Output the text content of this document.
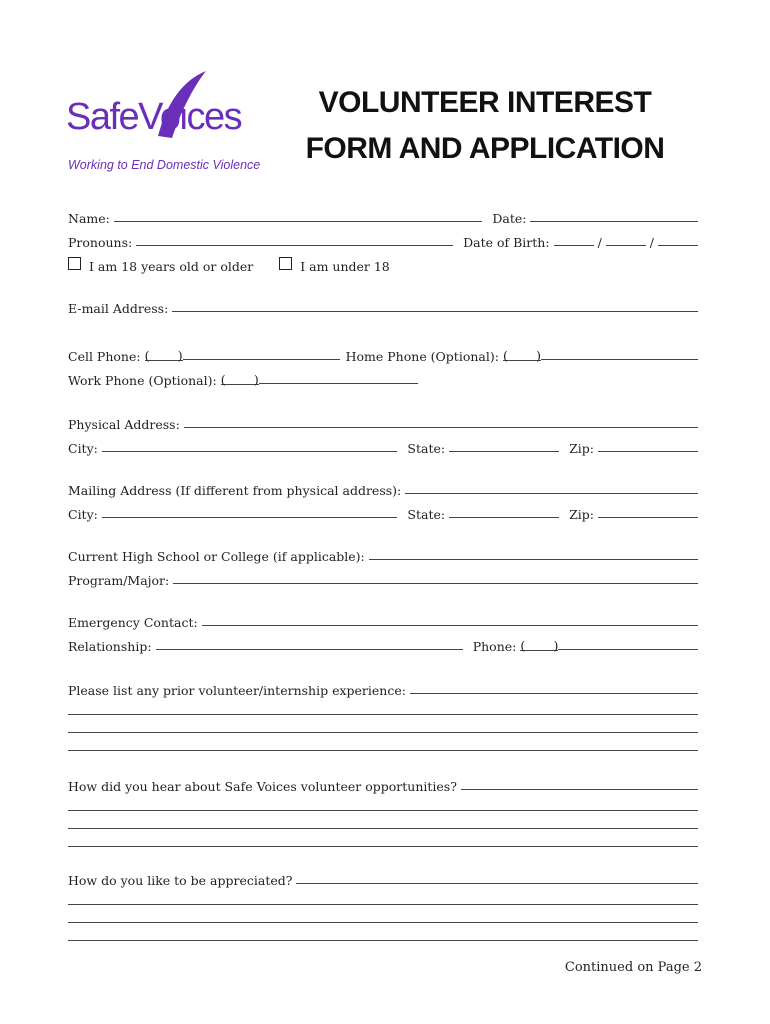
SafeVoices
Working to End Domestic Violence
VOLUNTEER INTEREST
FORM AND APPLICATION
Name:	Date:
Pronouns:	Date of Birth:	/	/
I am 18 years old or older	I am under 18
E-mail Address:
Cell Phone: ( )	Home Phone (Optional): ( )
Work Phone (Optional): ( )
Physical Address:
City:	State:	Zip:
Mailing Address (If different from physical address):
City:	State:	Zip:
Current High School or College (if applicable):
Program/Major:
Emergency Contact:
Relationship:	Phone: ( )
Please list any prior volunteer/internship experience:
How did you hear about Safe Voices volunteer opportunities?
How do you like to be appreciated?
Continued on Page 2
